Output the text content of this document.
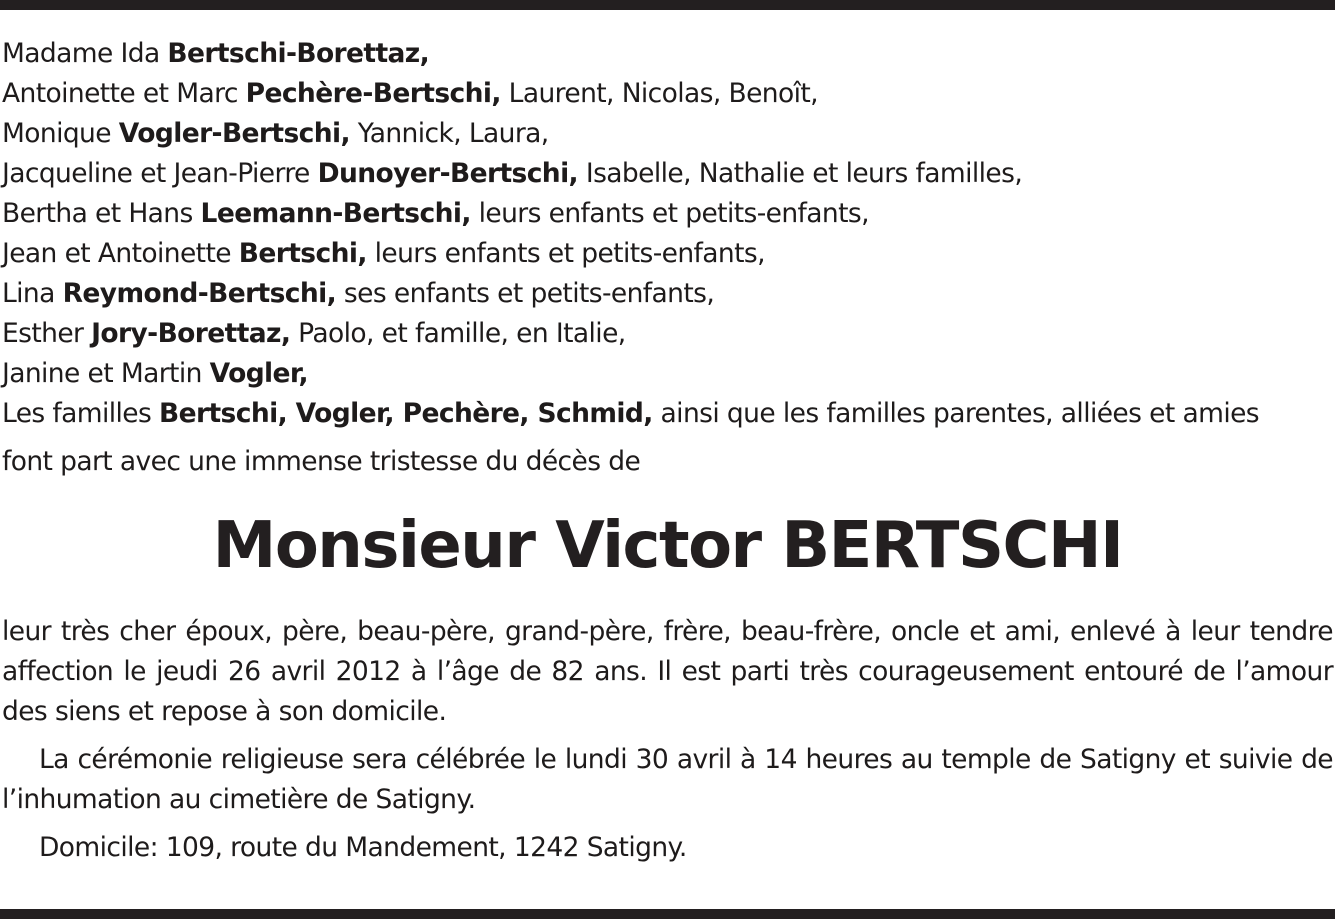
Madame Ida Bertschi-Borettaz,
Antoinette et Marc Pechère-Bertschi, Laurent, Nicolas, Benoît,
Monique Vogler-Bertschi, Yannick, Laura,
Jacqueline et Jean-Pierre Dunoyer-Bertschi, Isabelle, Nathalie et leurs familles,
Bertha et Hans Leemann-Bertschi, leurs enfants et petits-enfants,
Jean et Antoinette Bertschi, leurs enfants et petits-enfants,
Lina Reymond-Bertschi, ses enfants et petits-enfants,
Esther Jory-Borettaz, Paolo, et famille, en Italie,
Janine et Martin Vogler,
Les familles Bertschi, Vogler, Pechère, Schmid, ainsi que les familles parentes, alliées et amies
font part avec une immense tristesse du décès de
Monsieur Victor BERTSCHI
leur très cher époux, père, beau-père, grand-père, frère, beau-frère, oncle et ami, enlevé à leur tendre affection le jeudi 26 avril 2012 à l’âge de 82 ans. Il est parti très courageusement entouré de l’amour des siens et repose à son domicile.
La cérémonie religieuse sera célébrée le lundi 30 avril à 14 heures au temple de Satigny et suivie de l’inhumation au cimetière de Satigny.
Domicile: 109, route du Mandement, 1242 Satigny.
